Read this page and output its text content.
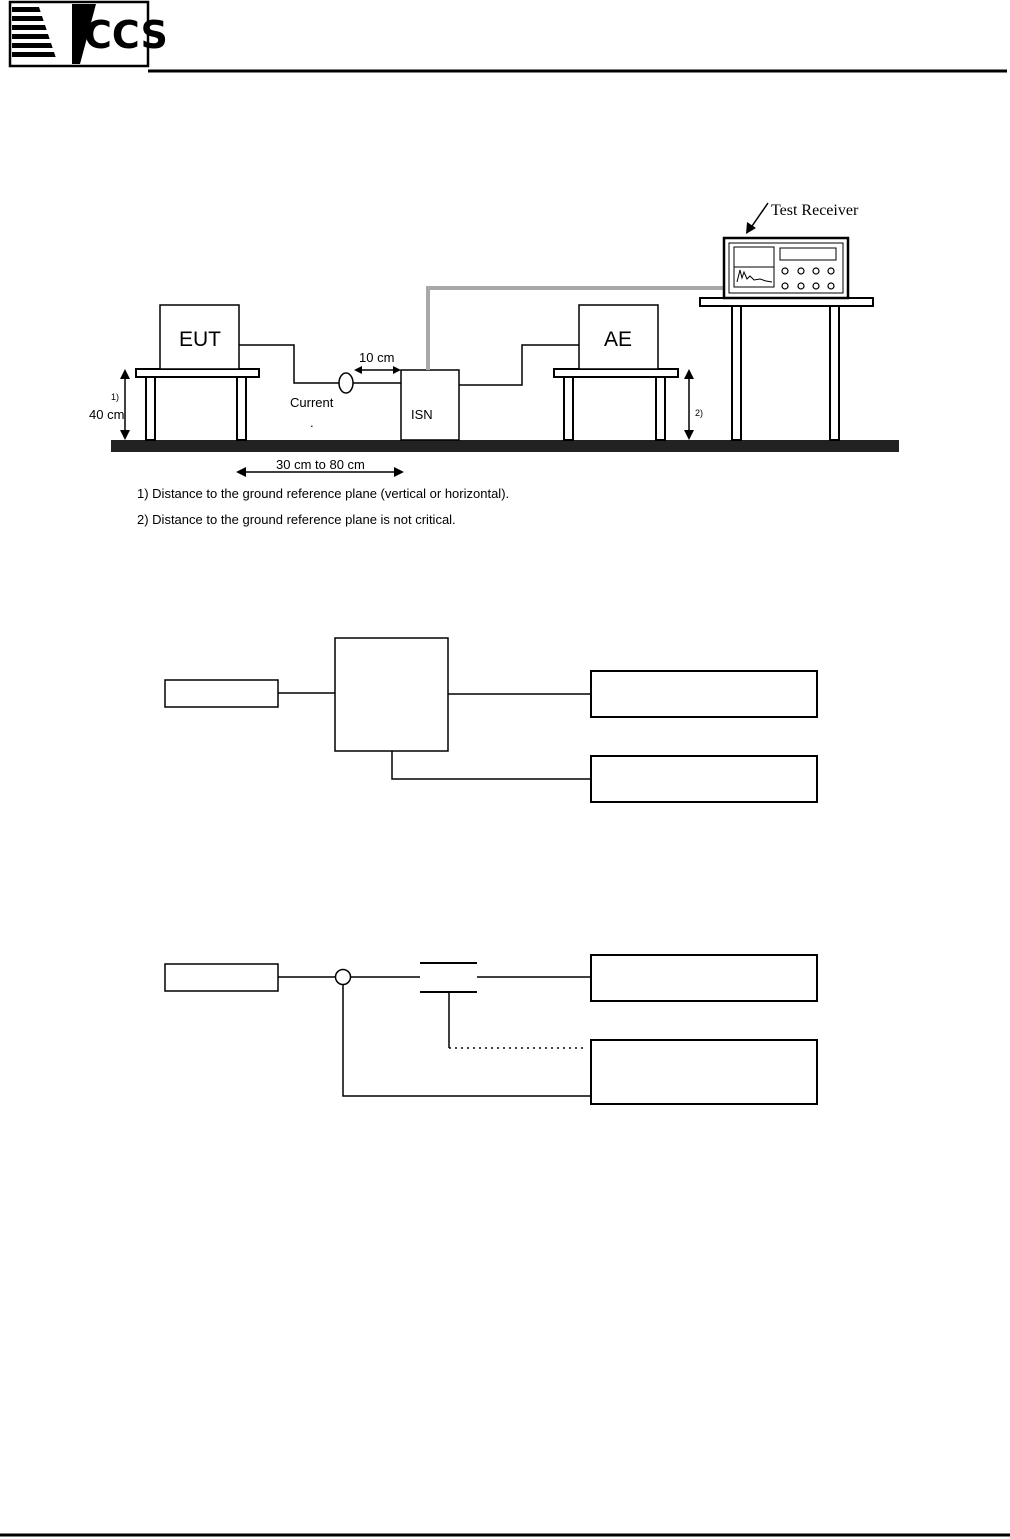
CCS
EUT
Current
.
10 cm
ISN
AE
Test Receiver
1)
40 cm	2)
30 cm to 80 cm
1) Distance to the ground reference plane (vertical or horizontal).
2) Distance to the ground reference plane is not critical.
